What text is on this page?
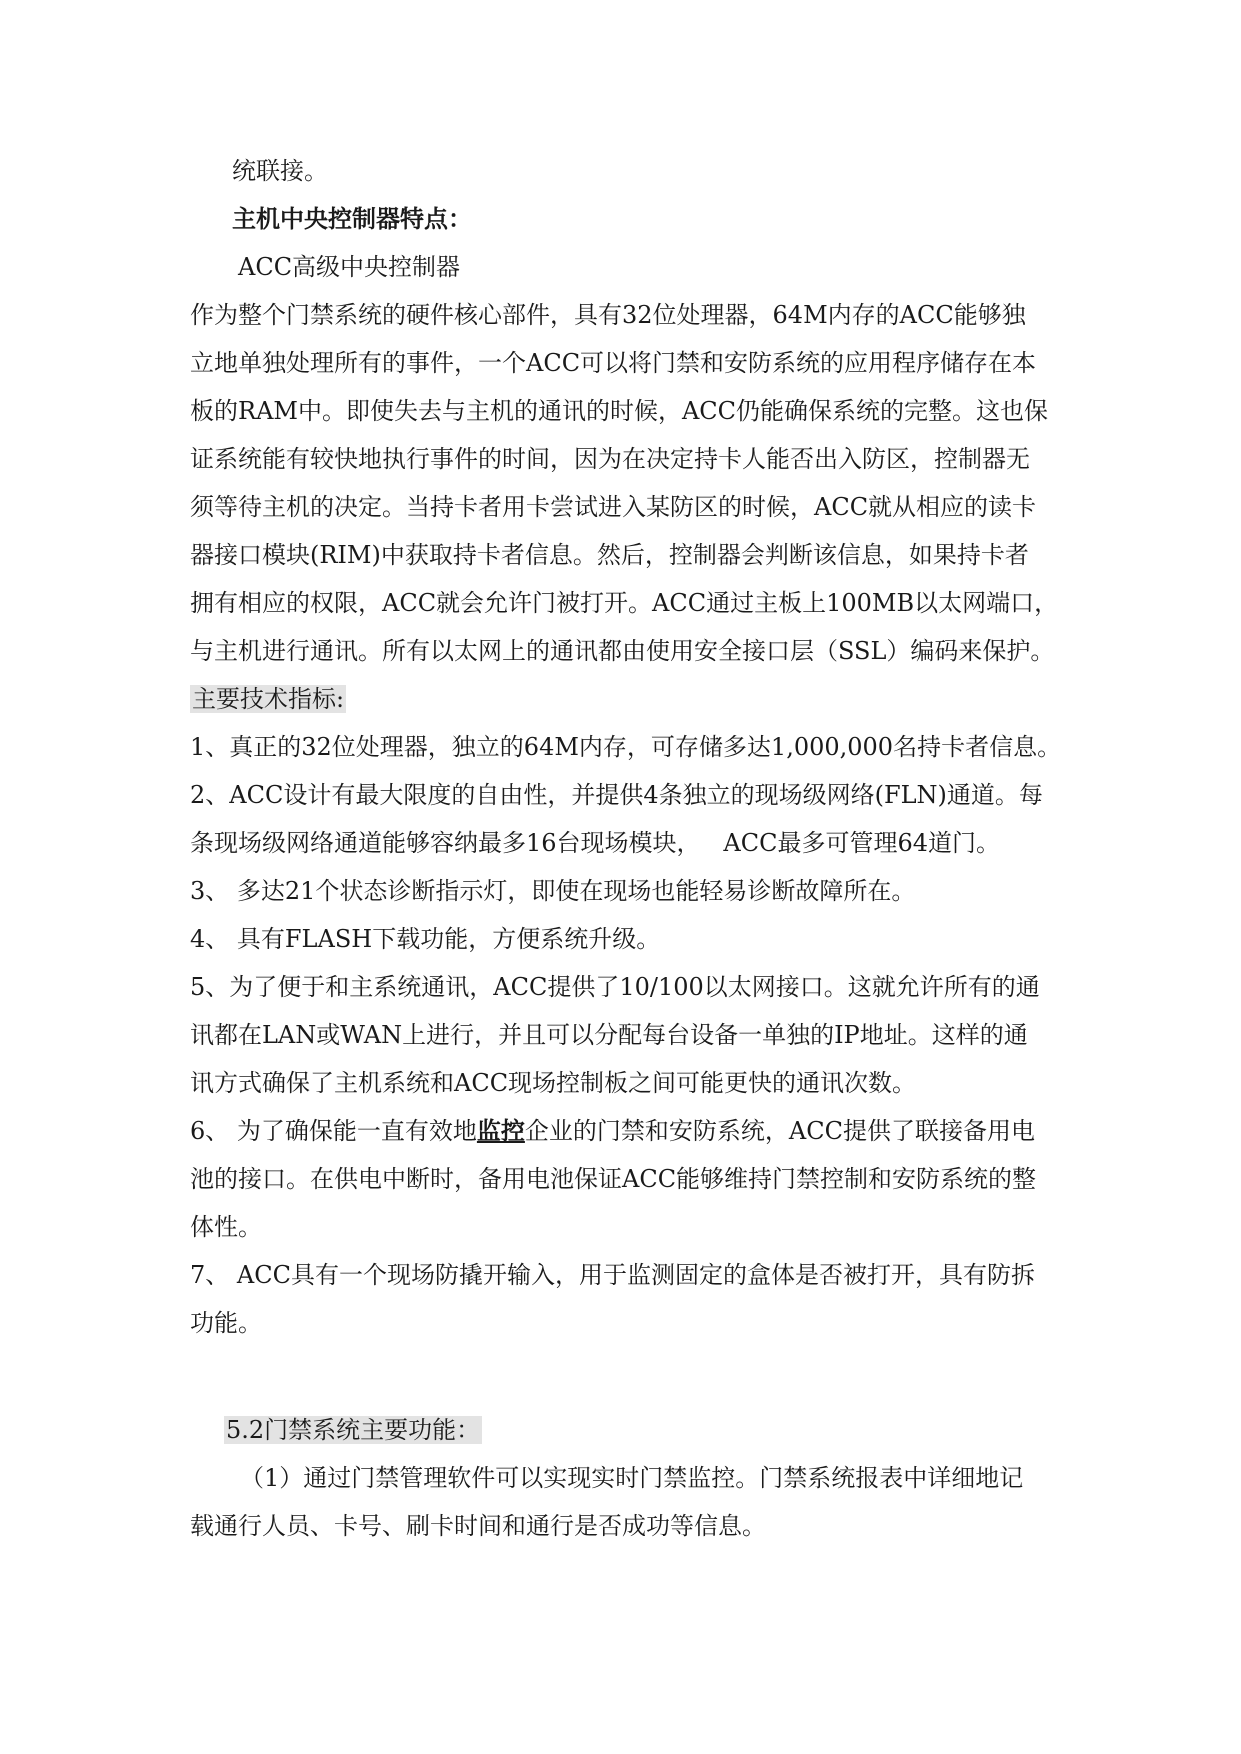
统联接。
主机中央控制器特点：
ACC高级中央控制器
作为整个门禁系统的硬件核心部件，具有32位处理器，64M内存的ACC能够独
立地单独处理所有的事件，一个ACC可以将门禁和安防系统的应用程序储存在本
板的RAM中。即使失去与主机的通讯的时候，ACC仍能确保系统的完整。这也保
证系统能有较快地执行事件的时间，因为在决定持卡人能否出入防区，控制器无
须等待主机的决定。当持卡者用卡尝试进入某防区的时候，ACC就从相应的读卡
器接口模块(RIM)中获取持卡者信息。然后，控制器会判断该信息，如果持卡者
拥有相应的权限，ACC就会允许门被打开。ACC通过主板上100MB以太网端口，
与主机进行通讯。所有以太网上的通讯都由使用安全接口层（SSL）编码来保护。
主要技术指标:
1、真正的32位处理器，独立的64M内存，可存储多达1,000,000名持卡者信息。
2、ACC设计有最大限度的自由性，并提供4条独立的现场级网络(FLN)通道。每
条现场级网络通道能够容纳最多16台现场模块，   ACC最多可管理64道门。
3、 多达21个状态诊断指示灯，即使在现场也能轻易诊断故障所在。
4、 具有FLASH下载功能，方便系统升级。
5、为了便于和主系统通讯，ACC提供了10/100以太网接口。这就允许所有的通
讯都在LAN或WAN上进行，并且可以分配每台设备一单独的IP地址。这样的通
讯方式确保了主机系统和ACC现场控制板之间可能更快的通讯次数。
6、 为了确保能一直有效地监控企业的门禁和安防系统，ACC提供了联接备用电
池的接口。在供电中断时，备用电池保证ACC能够维持门禁控制和安防系统的整
体性。
7、 ACC具有一个现场防撬开输入，用于监测固定的盒体是否被打开，具有防拆
功能。
5.2门禁系统主要功能：
（1）通过门禁管理软件可以实现实时门禁监控。门禁系统报表中详细地记
载通行人员、卡号、刷卡时间和通行是否成功等信息。
